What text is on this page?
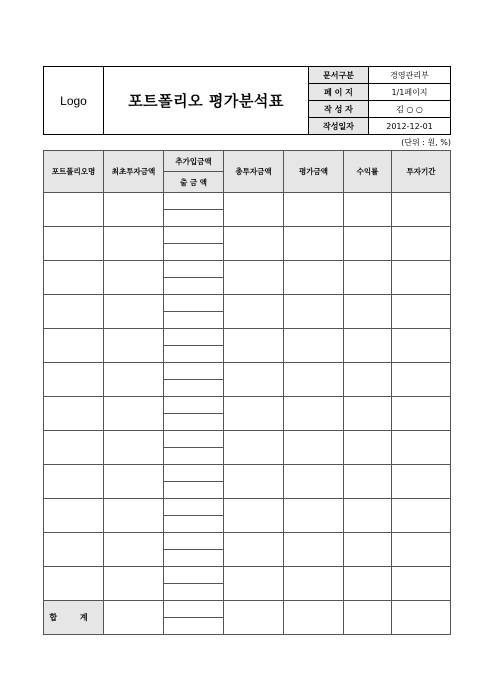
Logo	포트폴리오 평가분석표	문서구분	경영관리부
		페 이 지	1/1페이지
		작 성 자	김 ○ ○
		작성일자	2012-12-01
(단위 : 원, %)
포트폴리오명	최초투자금액	추가입금액	총투자금액	평가금액	수익률	투자기간
		출 금 액				

합 계						
